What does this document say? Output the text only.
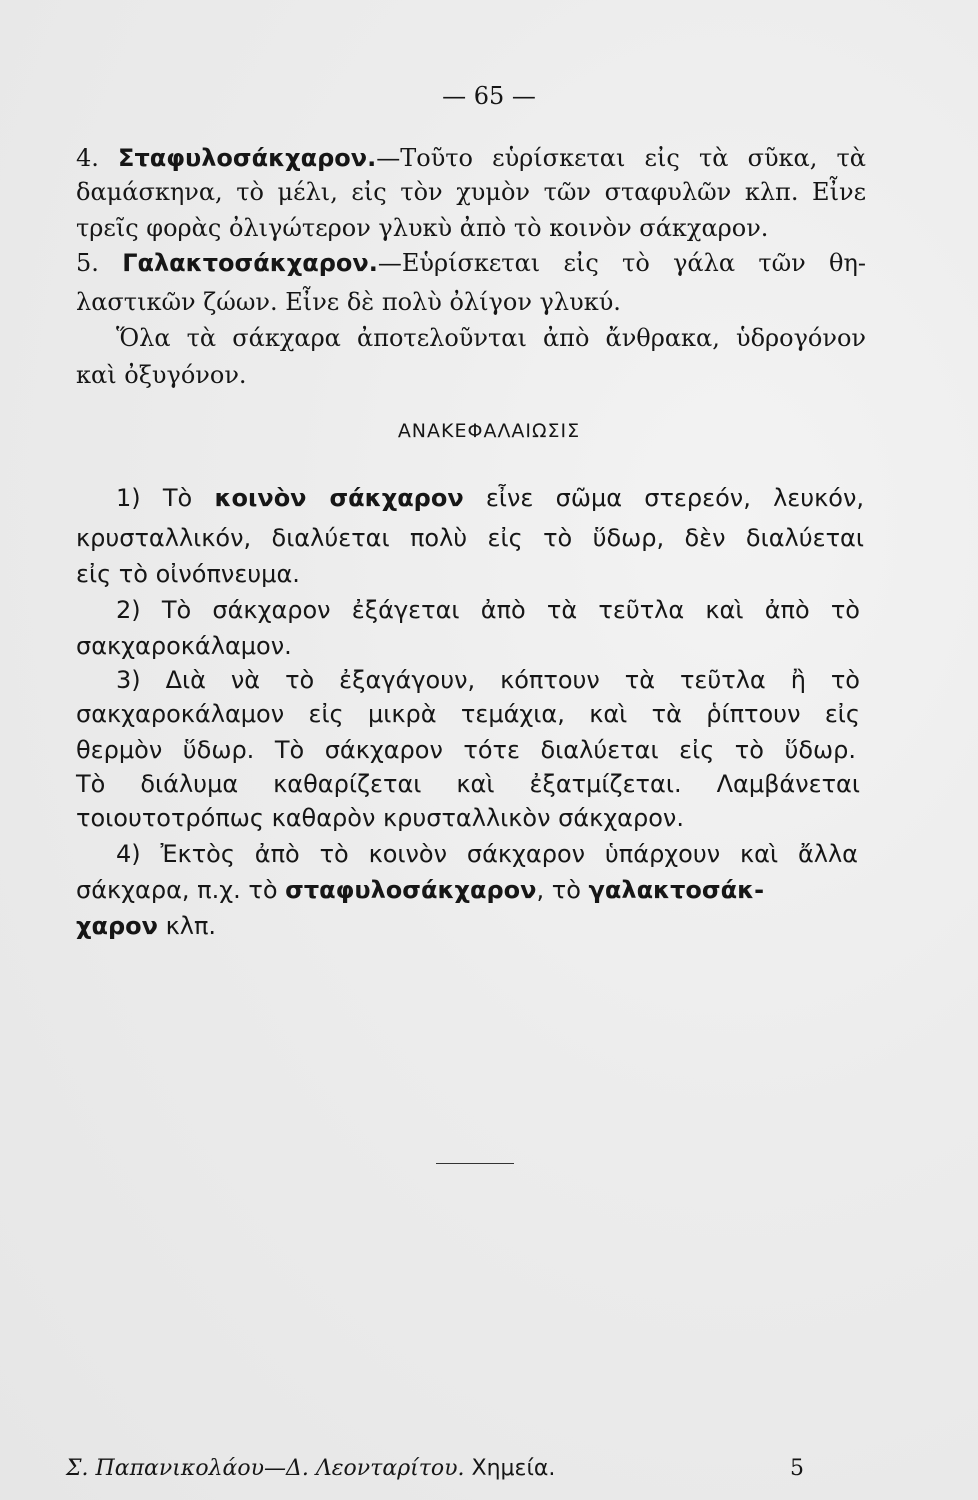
— 65 —
4. Σταφυλοσάκχαρον.—Τοῦτο εὑρίσκεται εἰς τὰ σῦκα, τὰ
δαμάσκηνα, τὸ μέλι, εἰς τὸν χυμὸν τῶν σταφυλῶν κλπ. Εἶνε
τρεῖς φορὰς ὀλιγώτερον γλυκὺ ἀπὸ τὸ κοινὸν σάκχαρον.
5. Γαλακτοσάκχαρον.—Εὑρίσκεται εἰς τὸ γάλα τῶν θη-
λαστικῶν ζώων. Εἶνε δὲ πολὺ ὀλίγον γλυκύ.
Ὅλα τὰ σάκχαρα ἀποτελοῦνται ἀπὸ ἄνθρακα, ὑδρογόνον
καὶ ὀξυγόνον.
ΑΝΑΚΕΦΑΛΑΙΩΣΙΣ
1) Τὸ κοινὸν σάκχαρον εἶνε σῶμα στερεόν, λευκόν,
κρυσταλλικόν, διαλύεται πολὺ εἰς τὸ ὕδωρ, δὲν διαλύεται
εἰς τὸ οἰνόπνευμα.
2) Τὸ σάκχαρον ἐξάγεται ἀπὸ τὰ τεῦτλα καὶ ἀπὸ τὸ
σακχαροκάλαμον.
3) Διὰ νὰ τὸ ἐξαγάγουν, κόπτουν τὰ τεῦτλα ἢ τὸ
σακχαροκάλαμον εἰς μικρὰ τεμάχια, καὶ τὰ ῥίπτουν εἰς
θερμὸν ὕδωρ. Τὸ σάκχαρον τότε διαλύεται εἰς τὸ ὕδωρ.
Τὸ διάλυμα καθαρίζεται καὶ ἐξατμίζεται. Λαμβάνεται
τοιουτοτρόπως καθαρὸν κρυσταλλικὸν σάκχαρον.
4) Ἐκτὸς ἀπὸ τὸ κοινὸν σάκχαρον ὑπάρχουν καὶ ἄλλα
σάκχαρα, π.χ. τὸ σταφυλοσάκχαρον, τὸ γαλακτοσάκ-
χαρον κλπ.
Σ. Παπανικολάου—Δ. Λεονταρίτου. Χημεία.	5
